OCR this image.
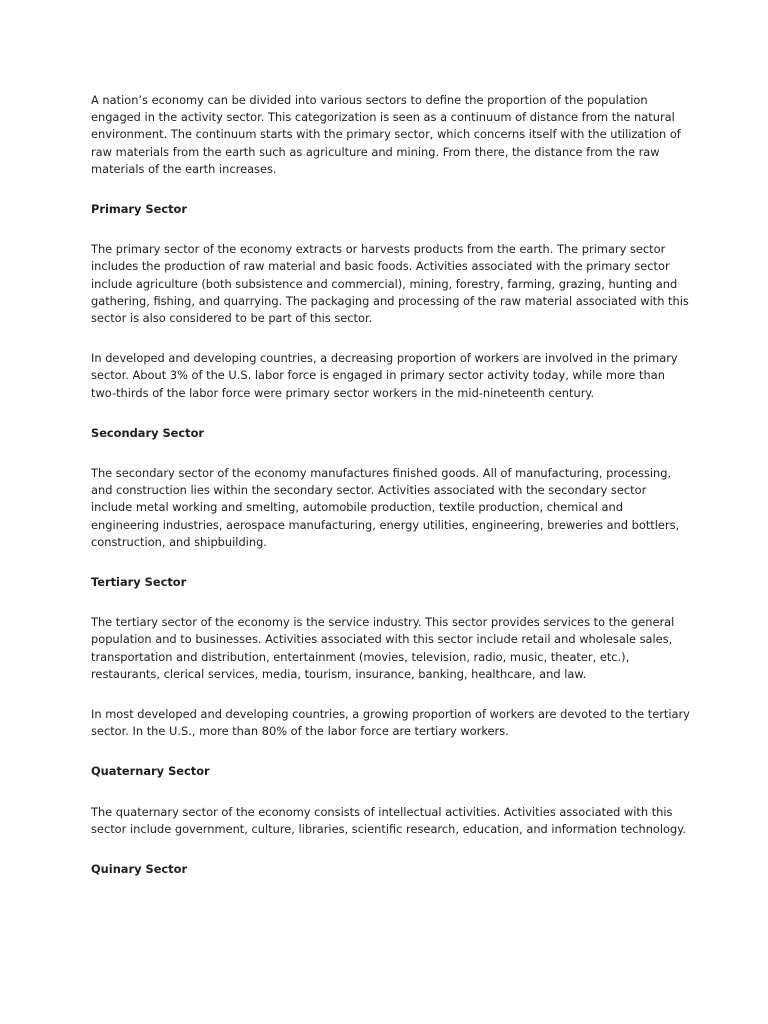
A nation’s economy can be divided into various sectors to define the proportion of the population engaged in the activity sector. This categorization is seen as a continuum of distance from the natural environment. The continuum starts with the primary sector, which concerns itself with the utilization of raw materials from the earth such as agriculture and mining. From there, the distance from the raw materials of the earth increases.

Primary Sector

The primary sector of the economy extracts or harvests products from the earth. The primary sector includes the production of raw material and basic foods. Activities associated with the primary sector include agriculture (both subsistence and commercial), mining, forestry, farming, grazing, hunting and gathering, fishing, and quarrying. The packaging and processing of the raw material associated with this sector is also considered to be part of this sector.

In developed and developing countries, a decreasing proportion of workers are involved in the primary sector. About 3% of the U.S. labor force is engaged in primary sector activity today, while more than two-thirds of the labor force were primary sector workers in the mid-nineteenth century.

Secondary Sector

The secondary sector of the economy manufactures finished goods. All of manufacturing, processing, and construction lies within the secondary sector. Activities associated with the secondary sector include metal working and smelting, automobile production, textile production, chemical and engineering industries, aerospace manufacturing, energy utilities, engineering, breweries and bottlers, construction, and shipbuilding.

Tertiary Sector

The tertiary sector of the economy is the service industry. This sector provides services to the general population and to businesses. Activities associated with this sector include retail and wholesale sales, transportation and distribution, entertainment (movies, television, radio, music, theater, etc.), restaurants, clerical services, media, tourism, insurance, banking, healthcare, and law.

In most developed and developing countries, a growing proportion of workers are devoted to the tertiary sector. In the U.S., more than 80% of the labor force are tertiary workers.

Quaternary Sector

The quaternary sector of the economy consists of intellectual activities. Activities associated with this sector include government, culture, libraries, scientific research, education, and information technology.

Quinary Sector
